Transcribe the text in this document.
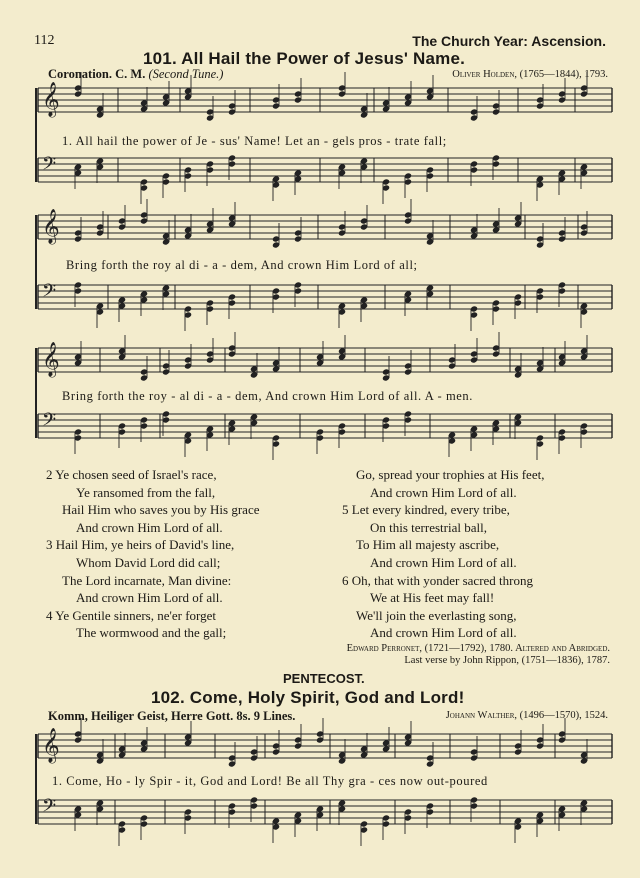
112	The Church Year: Ascension.
101. All Hail the Power of Jesus' Name.
Coronation. C. M. (Second Tune.)	Oliver Holden, (1765—1844), 1793.
𝄞
𝄢
𝄞
𝄢
𝄞
𝄢
𝄞
𝄢
1. All hail the power of Je - sus' Name! Let an - gels pros - trate fall;
Bring forth the roy al di - a - dem, And crown Him Lord of all;
Bring forth the roy - al di - a - dem, And crown Him Lord of all. A - men.
2 Ye chosen seed of Israel's race,
Ye ransomed from the fall,
Hail Him who saves you by His grace
And crown Him Lord of all.
3 Hail Him, ye heirs of David's line,
Whom David Lord did call;
The Lord incarnate, Man divine:
And crown Him Lord of all.
4 Ye Gentile sinners, ne'er forget
The wormwood and the gall;
Go, spread your trophies at His feet,
And crown Him Lord of all.
5 Let every kindred, every tribe,
On this terrestrial ball,
To Him all majesty ascribe,
And crown Him Lord of all.
6 Oh, that with yonder sacred throng
We at His feet may fall!
We'll join the everlasting song,
And crown Him Lord of all.
Edward Perronet, (1721—1792), 1780. Altered and Abridged.
Last verse by John Rippon, (1751—1836), 1787.
PENTECOST.
102. Come, Holy Spirit, God and Lord!
Komm, Heiliger Geist, Herre Gott. 8s. 9 Lines.	Johann Walther, (1496—1570), 1524.
1. Come, Ho - ly Spir - it, God and Lord! Be all Thy gra - ces now out-poured
